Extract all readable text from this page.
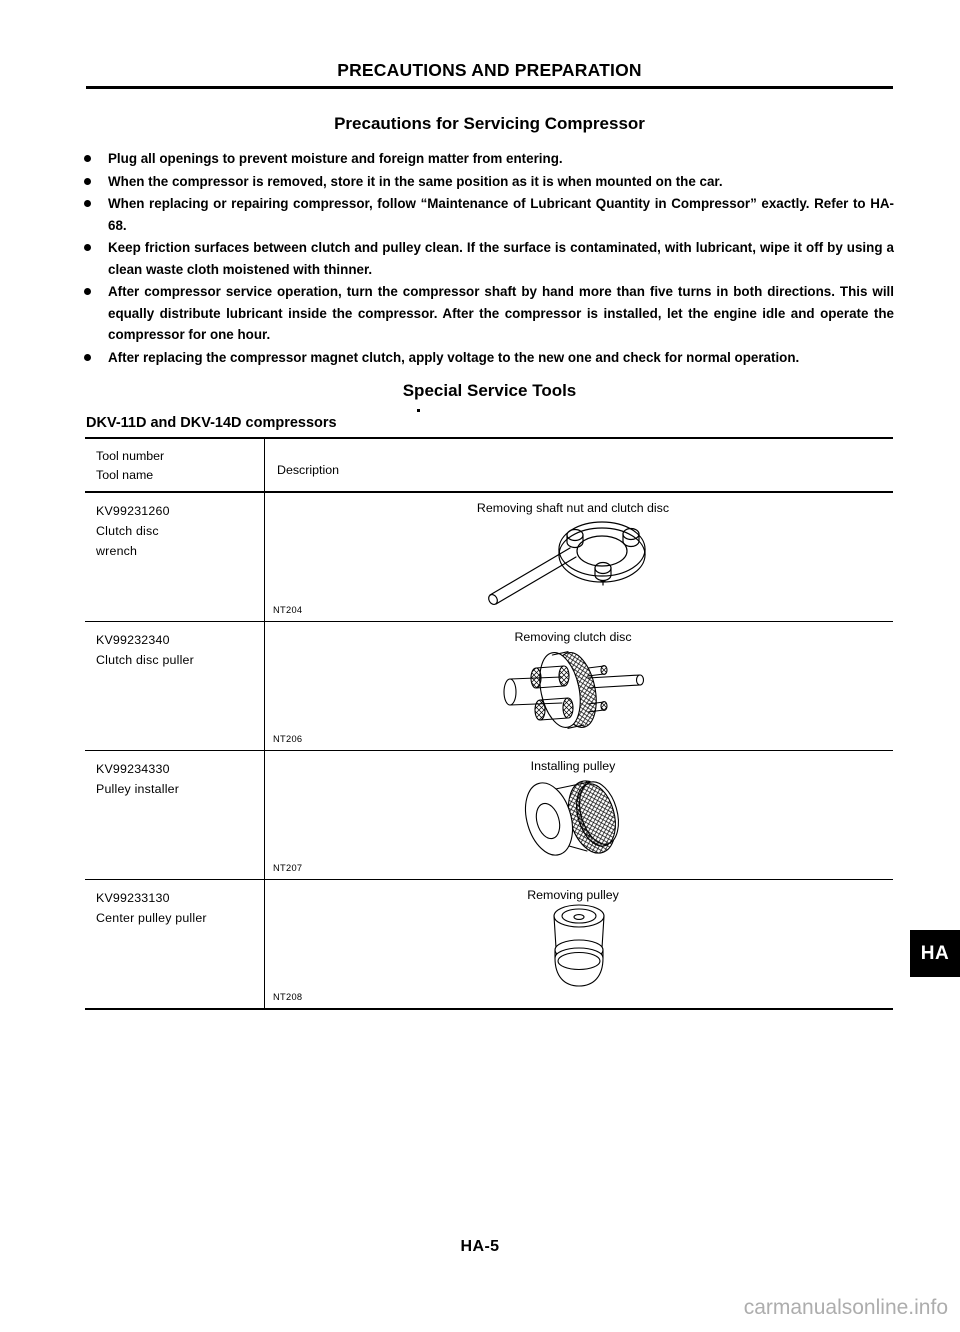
PRECAUTIONS AND PREPARATION
Precautions for Servicing Compressor
Plug all openings to prevent moisture and foreign matter from entering.
When the compressor is removed, store it in the same position as it is when mounted on the car.
When replacing or repairing compressor, follow “Maintenance of Lubricant Quantity in Compressor” exactly. Refer to HA-68.
Keep friction surfaces between clutch and pulley clean. If the surface is contaminated, with lubricant, wipe it off by using a clean waste cloth moistened with thinner.
After compressor service operation, turn the compressor shaft by hand more than five turns in both directions. This will equally distribute lubricant inside the compressor. After the compressor is installed, let the engine idle and operate the compressor for one hour.
After replacing the compressor magnet clutch, apply voltage to the new one and check for normal operation.
Special Service Tools
DKV-11D and DKV-14D compressors
Tool number
Tool name	Description
KV99231260
Clutch disc
wrench
Removing shaft nut and clutch disc
NT204
KV99232340
Clutch disc puller
Removing clutch disc
NT206
KV99234330
Pulley installer
Installing pulley
NT207
KV99233130
Center pulley puller
Removing pulley
NT208
HA
HA-5
carmanualsonline.info
